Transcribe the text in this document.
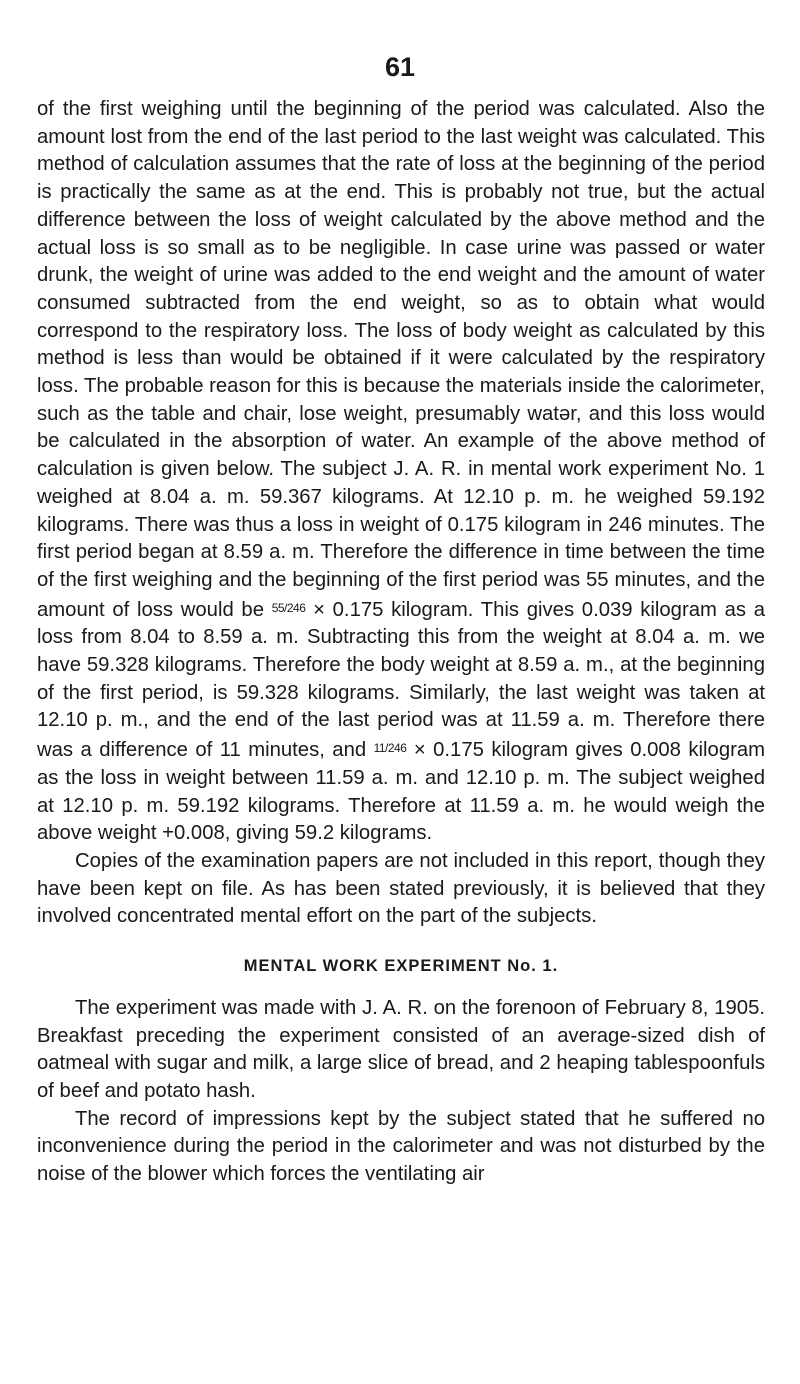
61

of the first weighing until the beginning of the period was calculated. Also the amount lost from the end of the last period to the last weight was calculated. This method of calculation assumes that the rate of loss at the beginning of the period is practically the same as at the end. This is probably not true, but the actual difference between the loss of weight calculated by the above method and the actual loss is so small as to be negligible. In case urine was passed or water drunk, the weight of urine was added to the end weight and the amount of water consumed subtracted from the end weight, so as to obtain what would correspond to the respiratory loss. The loss of body weight as calculated by this method is less than would be obtained if it were calculated by the respiratory loss. The probable reason for this is because the materials inside the calorimeter, such as the table and chair, lose weight, presumably watər, and this loss would be calculated in the absorption of water. An example of the above method of calculation is given below. The subject J. A. R. in mental work experiment No. 1 weighed at 8.04 a. m. 59.367 kilograms. At 12.10 p. m. he weighed 59.192 kilograms. There was thus a loss in weight of 0.175 kilogram in 246 minutes. The first period began at 8.59 a. m. Therefore the difference in time between the time of the first weighing and the beginning of the first period was 55 minutes, and the amount of loss would be 55/246 × 0.175 kilogram. This gives 0.039 kilogram as a loss from 8.04 to 8.59 a. m. Subtracting this from the weight at 8.04 a. m. we have 59.328 kilograms. Therefore the body weight at 8.59 a. m., at the beginning of the first period, is 59.328 kilograms. Similarly, the last weight was taken at 12.10 p. m., and the end of the last period was at 11.59 a. m. Therefore there was a difference of 11 minutes, and 11/246 × 0.175 kilogram gives 0.008 kilogram as the loss in weight between 11.59 a. m. and 12.10 p. m. The subject weighed at 12.10 p. m. 59.192 kilograms. Therefore at 11.59 a. m. he would weigh the above weight +0.008, giving 59.2 kilograms.

Copies of the examination papers are not included in this report, though they have been kept on file. As has been stated previously, it is believed that they involved concentrated mental effort on the part of the subjects.

MENTAL WORK EXPERIMENT No. 1.

The experiment was made with J. A. R. on the forenoon of February 8, 1905. Breakfast preceding the experiment consisted of an average-sized dish of oatmeal with sugar and milk, a large slice of bread, and 2 heaping tablespoonfuls of beef and potato hash.

The record of impressions kept by the subject stated that he suffered no inconvenience during the period in the calorimeter and was not disturbed by the noise of the blower which forces the ventilating air
